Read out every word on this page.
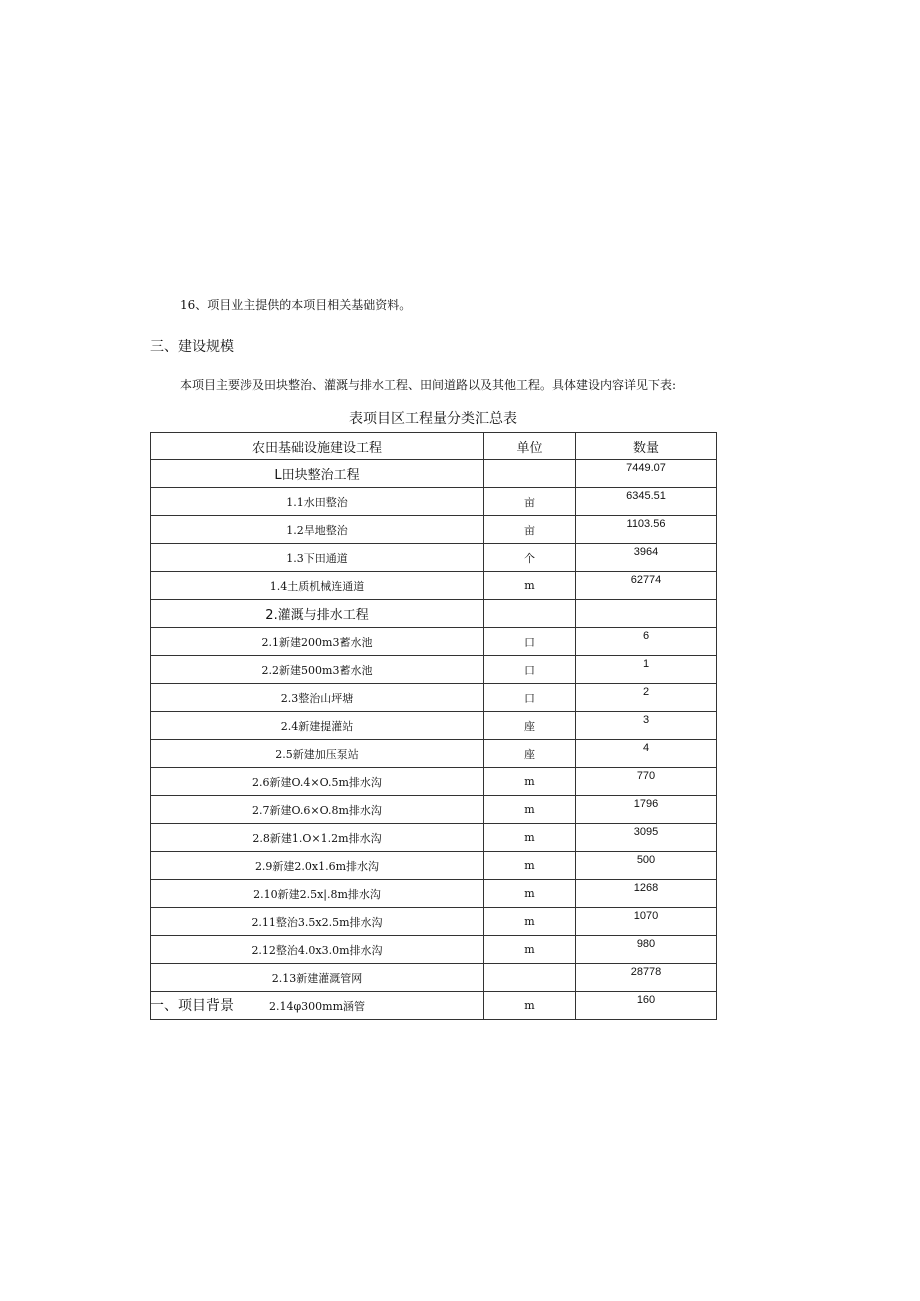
16、项目业主提供的本项目相关基础资料。
三、建设规模
本项目主要涉及田块整治、灌溉与排水工程、田间道路以及其他工程。具体建设内容详见下表:
表项目区工程量分类汇总表
农田基础设施建设工程	单位	数量
L田块整治工程		7449.07
1.1水田整治	亩	6345.51
1.2旱地整治	亩	1103.56
1.3下田通道	个	3964
1.4土质机械连通道	m	62774
2.灌溉与排水工程		
2.1新建200m3蓄水池	口	6
2.2新建500m3蓄水池	口	1
2.3整治山坪塘	口	2
2.4新建提灌站	座	3
2.5新建加压泵站	座	4
2.6新建O.4×O.5m排水沟	m	770
2.7新建O.6×O.8m排水沟	m	1796
2.8新建1.O×1.2m排水沟	m	3095
2.9新建2.0x1.6m排水沟	m	500
2.10新建2.5x|.8m排水沟	m	1268
2.11整治3.5x2.5m排水沟	m	1070
2.12整治4.0x3.0m排水沟	m	980
2.13新建灌溉管网		28778
2.14φ300mm涵管	m	160
一、项目背景
